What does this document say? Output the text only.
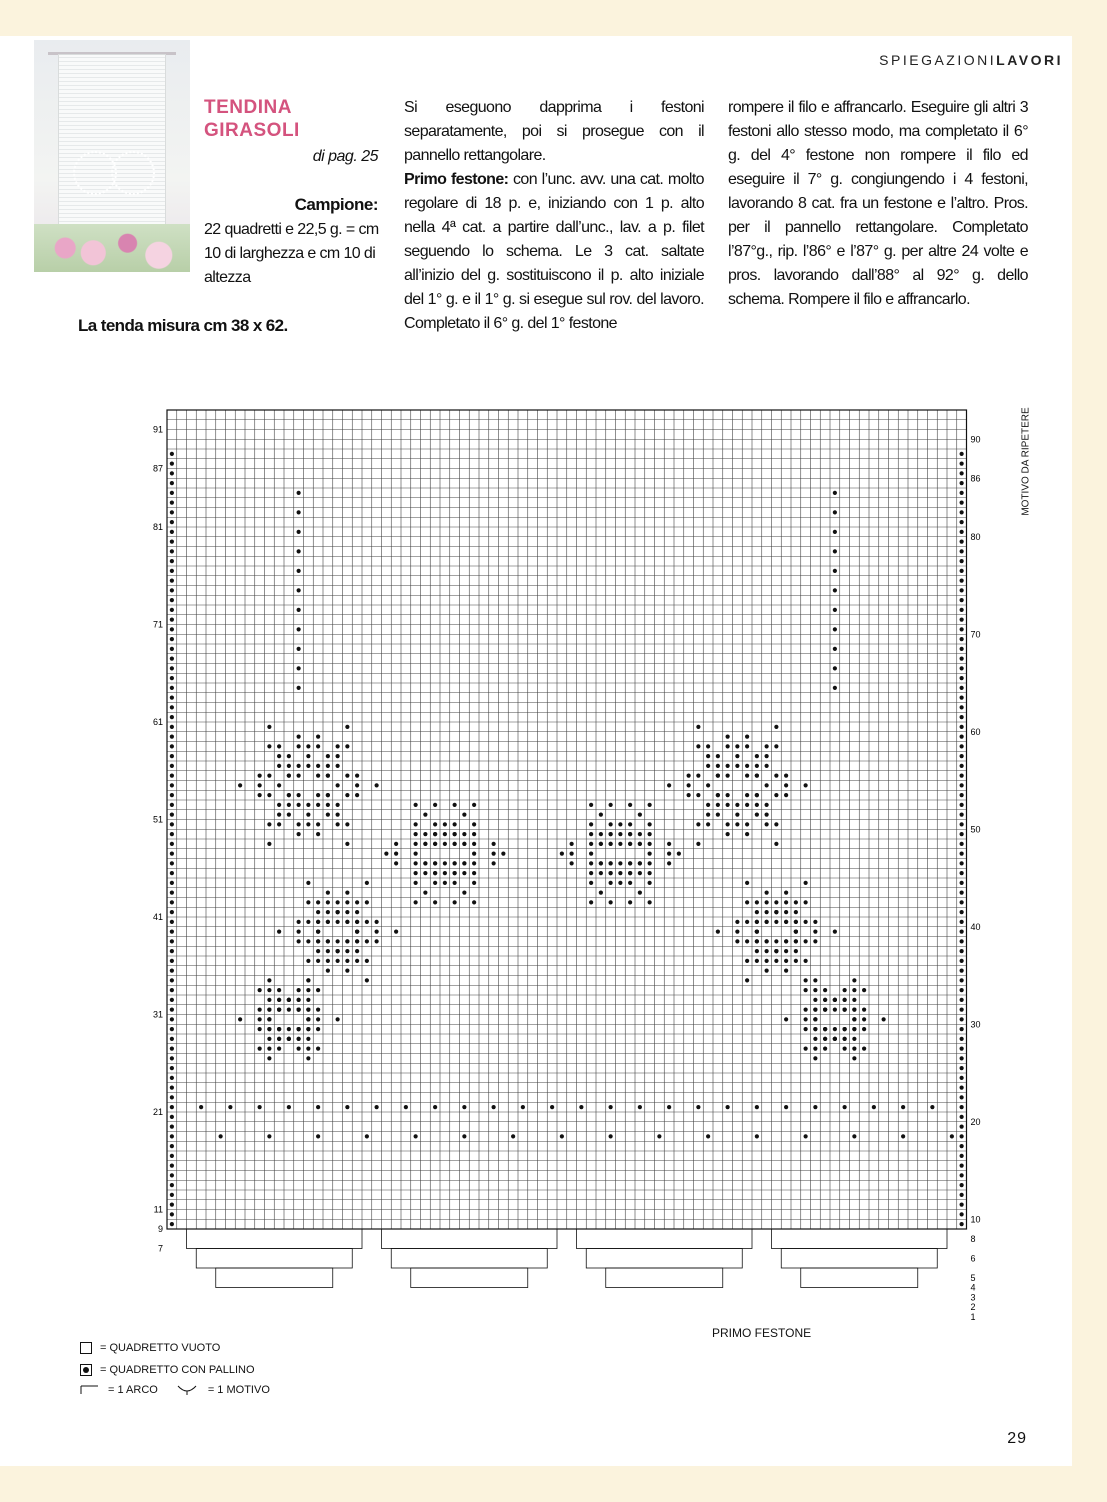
SPIEGAZIONILAVORI
TENDINA
GIRASOLI
di pag. 25
Campione:
22 quadretti e 22,5 g. = cm 10 di larghezza e cm 10 di altezza
La tenda misura cm 38 x 62.
Si eseguono dapprima i festoni separatamente, poi si prosegue con il pannello rettangolare.
Primo festone: con l’unc. avv. una cat. molto regolare di 18 p. e, iniziando con 1 p. alto nella 4ª cat. a partire dall’unc., lav. a p. filet seguendo lo schema. Le 3 cat. saltate all’inizio del g. sostituiscono il p. alto iniziale del 1° g. e il 1° g. si esegue sul rov. del lavoro. Completato il 6° g. del 1° festone
rompere il filo e affrancarlo. Eseguire gli altri 3 festoni allo stesso modo, ma completato il 6° g. del 4° festone non rompere il filo ed eseguire il 7° g. congiungendo i 4 festoni, lavorando 8 cat. fra un festone e l’altro. Pros. per il pannello rettangolare. Completato l’87°g., rip. l’86° e l’87° g. per altre 24 volte e pros. lavorando dall’88° al 92° g. dello schema. Rompere il filo e affrancarlo.
91
87
81
71
61
51
41
31
21
11
9
7
90
86
80
70
60
50
40
30
20
10
8
6
5
4
3
2
1
MOTIVO DA RIPETERE
PRIMO FESTONE
= QUADRETTO VUOTO
= QUADRETTO CON PALLINO
= 1 ARCO	= 1 MOTIVO
29
